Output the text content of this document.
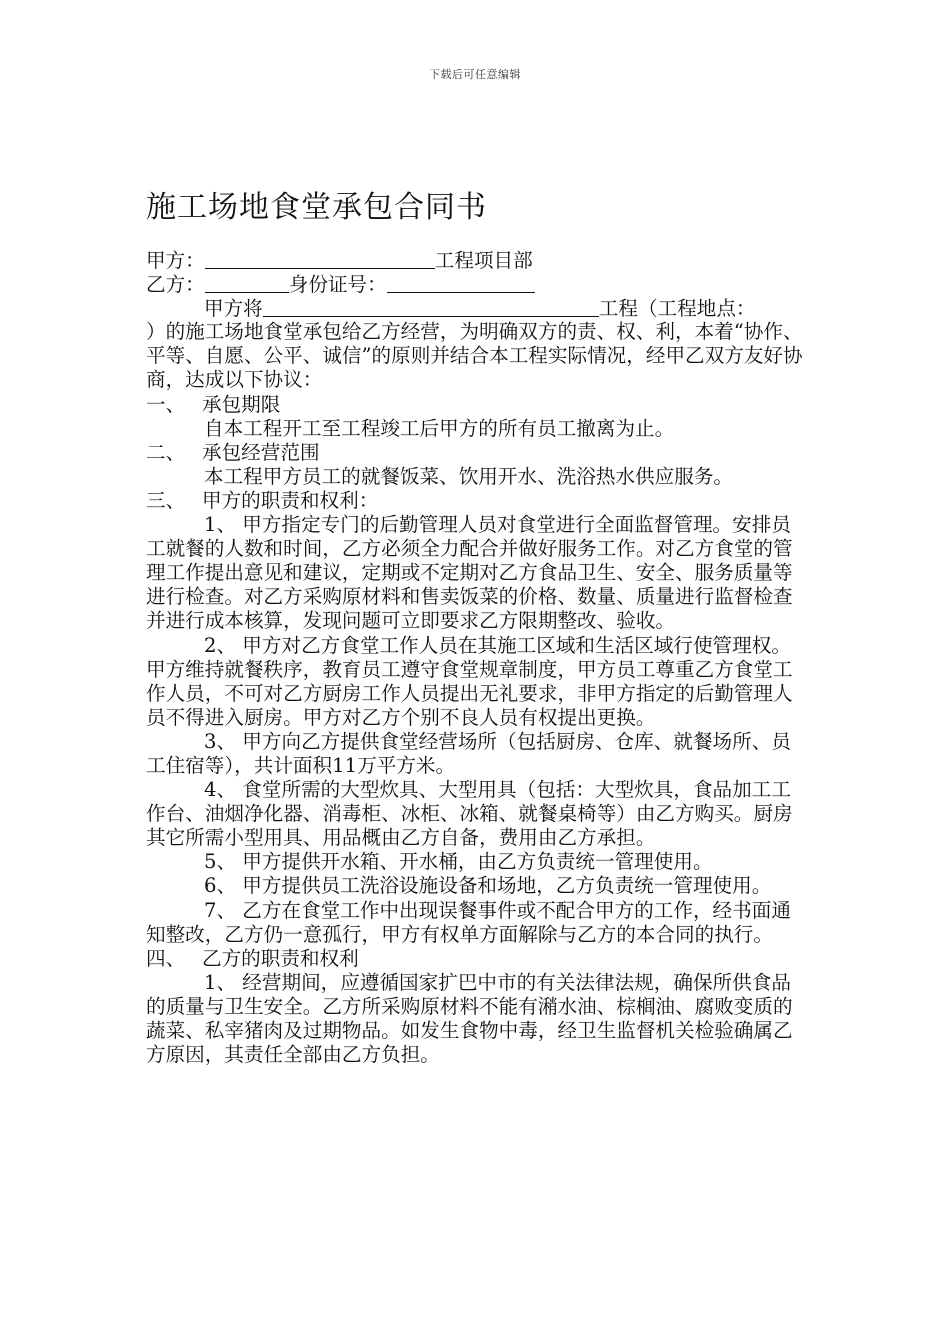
下载后可任意编辑
施工场地食堂承包合同书
甲方：	工程项目部
乙方：	身份证号：
甲方将	工程（工程地点：

）的施工场地食堂承包给乙方经营，为明确双方的责、权、利，本着“协作、平等、自愿、公平、诚信”的原则并结合本工程实际情况，经甲乙双方友好协商，达成以下协议：

一、 承包期限

自本工程开工至工程竣工后甲方的所有员工撤离为止。

二、 承包经营范围

本工程甲方员工的就餐饭菜、饮用开水、洗浴热水供应服务。

三、 甲方的职责和权利：

1、 甲方指定专门的后勤管理人员对食堂进行全面监督管理。安排员工就餐的人数和时间，乙方必须全力配合并做好服务工作。对乙方食堂的管理工作提出意见和建议，定期或不定期对乙方食品卫生、安全、服务质量等进行检查。对乙方采购原材料和售卖饭菜的价格、数量、质量进行监督检查并进行成本核算，发现问题可立即要求乙方限期整改、验收。

2、 甲方对乙方食堂工作人员在其施工区域和生活区域行使管理权。甲方维持就餐秩序，教育员工遵守食堂规章制度，甲方员工尊重乙方食堂工作人员，不可对乙方厨房工作人员提出无礼要求，非甲方指定的后勤管理人员不得进入厨房。甲方对乙方个别不良人员有权提出更换。

3、 甲方向乙方提供食堂经营场所（包括厨房、仓库、就餐场所、员工住宿等），共计面积11万平方米。

4、 食堂所需的大型炊具、大型用具（包括：大型炊具，食品加工工作台、油烟净化器、消毒柜、冰柜、冰箱、就餐桌椅等）由乙方购买。厨房其它所需小型用具、用品概由乙方自备，费用由乙方承担。

5、 甲方提供开水箱、开水桶，由乙方负责统一管理使用。

6、 甲方提供员工洗浴设施设备和场地，乙方负责统一管理使用。

7、 乙方在食堂工作中出现误餐事件或不配合甲方的工作，经书面通知整改，乙方仍一意孤行，甲方有权单方面解除与乙方的本合同的执行。

四、 乙方的职责和权利

1、 经营期间，应遵循国家扩巴中市的有关法律法规，确保所供食品的质量与卫生安全。乙方所采购原材料不能有潲水油、棕榈油、腐败变质的蔬菜、私宰猪肉及过期物品。如发生食物中毒，经卫生监督机关检验确属乙方原因，其责任全部由乙方负担。
